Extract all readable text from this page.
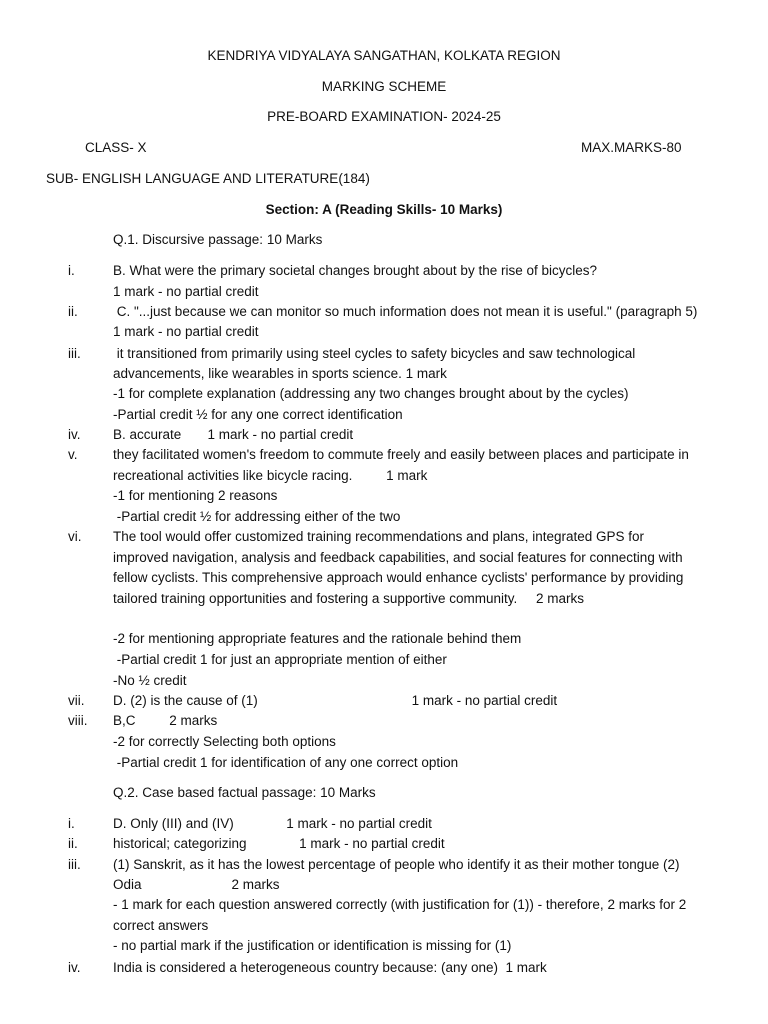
KENDRIYA VIDYALAYA SANGATHAN, KOLKATA REGION
MARKING SCHEME
PRE-BOARD EXAMINATION- 2024-25
CLASS- X	MAX.MARKS-80
SUB- ENGLISH LANGUAGE AND LITERATURE(184)
Section: A (Reading Skills- 10 Marks)
Q.1. Discursive passage: 10 Marks
i.	B. What were the primary societal changes brought about by the rise of bicycles?
1 mark - no partial credit
ii.	C. "...just because we can monitor so much information does not mean it is useful." (paragraph 5)
1 mark - no partial credit
iii. it transitioned from primarily using steel cycles to safety bicycles and saw technological
advancements, like wearables in sports science. 1 mark
-1 for complete explanation (addressing any two changes brought about by the cycles)
-Partial credit ½ for any one correct identification
iv. B. accurate       1 mark - no partial credit
v.	they facilitated women's freedom to commute freely and easily between places and participate in
recreational activities like bicycle racing.         1 mark
-1 for mentioning 2 reasons
-Partial credit ½ for addressing either of the two
vi. The tool would offer customized training recommendations and plans, integrated GPS for
improved navigation, analysis and feedback capabilities, and social features for connecting with
fellow cyclists. This comprehensive approach would enhance cyclists' performance by providing
tailored training opportunities and fostering a supportive community.     2 marks
-2 for mentioning appropriate features and the rationale behind them
-Partial credit 1 for just an appropriate mention of either
-No ½ credit
vii. D. (2) is the cause of (1)                                         1 mark - no partial credit
viii. B,C         2 marks
-2 for correctly Selecting both options
-Partial credit 1 for identification of any one correct option
Q.2. Case based factual passage: 10 Marks
i.	D. Only (III) and (IV)              1 mark - no partial credit
ii.	historical; categorizing              1 mark - no partial credit
iii. (1) Sanskrit, as it has the lowest percentage of people who identify it as their mother tongue (2)
Odia                        2 marks
- 1 mark for each question answered correctly (with justification for (1)) - therefore, 2 marks for 2
correct answers
- no partial mark if the justification or identification is missing for (1)
iv. India is considered a heterogeneous country because: (any one)  1 mark
